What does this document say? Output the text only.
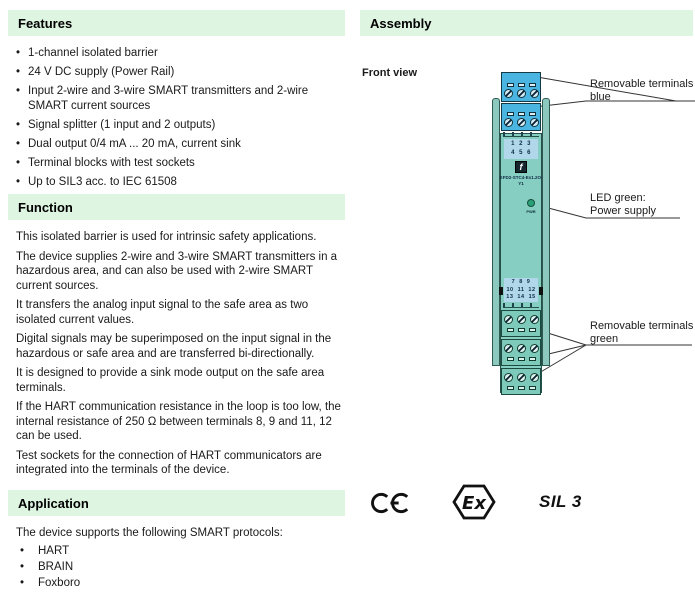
Features
• 1-channel isolated barrier
• 24 V DC supply (Power Rail)
• Input 2-wire and 3-wire SMART transmitters and 2-wire SMART current sources
• Signal splitter (1 input and 2 outputs)
• Dual output 0/4 mA ... 20 mA, current sink
• Terminal blocks with test sockets
• Up to SIL3 acc. to IEC 61508
Function

This isolated barrier is used for intrinsic safety applications.

The device supplies 2-wire and 3-wire SMART transmitters in a hazardous area, and can also be used with 2-wire SMART current sources.

It transfers the analog input signal to the safe area as two isolated current values.

Digital signals may be superimposed on the input signal in the hazardous or safe area and are transferred bi-directionally.

It is designed to provide a sink mode output on the safe area terminals.

If the HART communication resistance in the loop is too low, the internal resistance of 250 Ω between terminals 8, 9 and 11, 12 can be used.

Test sockets for the connection of HART communicators are integrated into the terminals of the device.

Application
The device supports the following SMART protocols:
• HART
• BRAIN
• Foxboro
Assembly
Front view
1 2 3
4 5 6
f
KFD2-STC4-Ex1.2O-
Y1
PWR
7 8 9
10 11 12
13 14 15
Removable terminals
blue
LED green:
Power supply
Removable terminals
green
Ex	SIL 3
